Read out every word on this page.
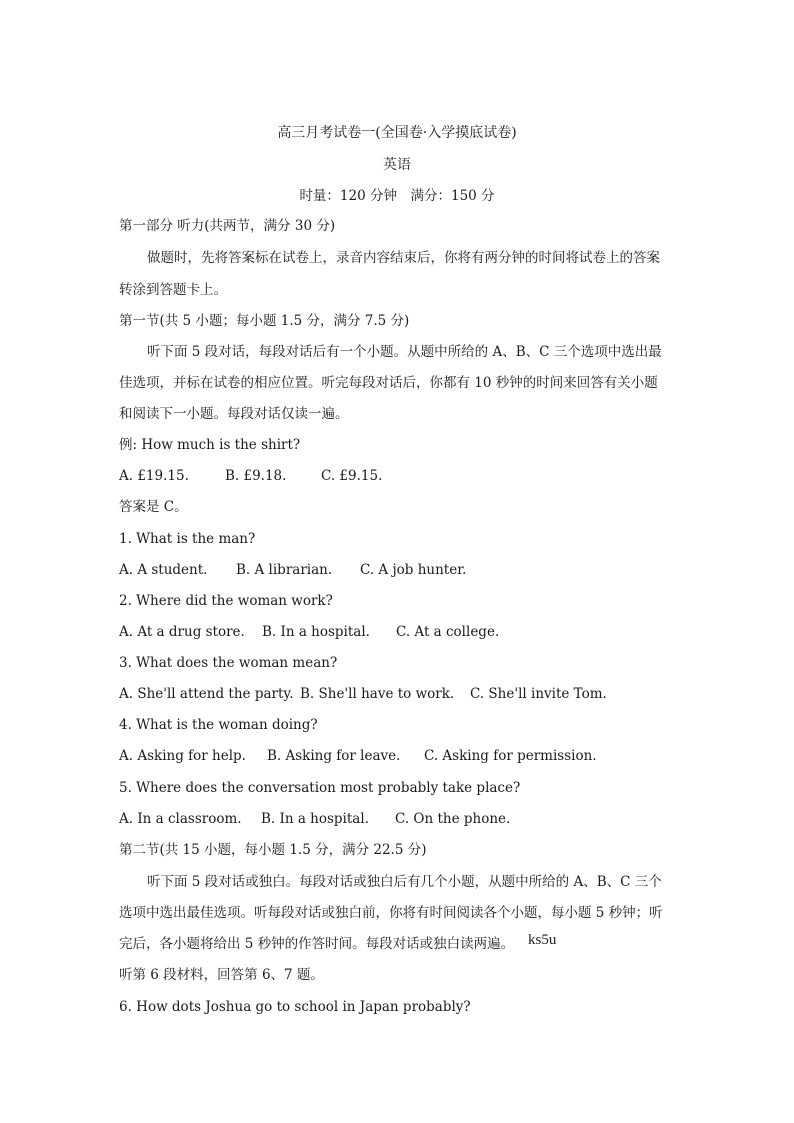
高三月考试卷一(全国卷·入学摸底试卷)
英语
时量：120 分钟　满分：150 分
第一部分 听力(共两节，满分 30 分)
做题时，先将答案标在试卷上，录音内容结束后，你将有两分钟的时间将试卷上的答案
转涂到答题卡上。
第一节(共 5 小题；每小题 1.5 分，满分 7.5 分)
听下面 5 段对话，每段对话后有一个小题。从题中所给的 A、B、C 三个选项中选出最
佳选项，并标在试卷的相应位置。听完每段对话后，你都有 10 秒钟的时间来回答有关小题
和阅读下一小题。每段对话仅读一遍。
例: How much is the shirt?
A. £19.15.	B. £9.18.	C. £9.15.
答案是 C。
1. What is the man?
A. A student. B. A librarian. C. A job hunter.
2. Where did the woman work?
A. At a drug store. B. In a hospital. C. At a college.
3. What does the woman mean?
A. She'll attend the party. B. She'll have to work. C. She'll invite Tom.
4. What is the woman doing?
A. Asking for help. B. Asking for leave. C. Asking for permission.
5. Where does the conversation most probably take place?
A. In a classroom. B. In a hospital. C. On the phone.
第二节(共 15 小题，每小题 1.5 分，满分 22.5 分)
听下面 5 段对话或独白。每段对话或独白后有几个小题，从题中所给的 A、B、C 三个
选项中选出最佳选项。听每段对话或独白前，你将有时间阅读各个小题，每小题 5 秒钟；听
完后，各小题将给出 5 秒钟的作答时间。每段对话或独白读两遍。 ks5u
听第 6 段材料，回答第 6、7 题。
6. How dots Joshua go to school in Japan probably?
